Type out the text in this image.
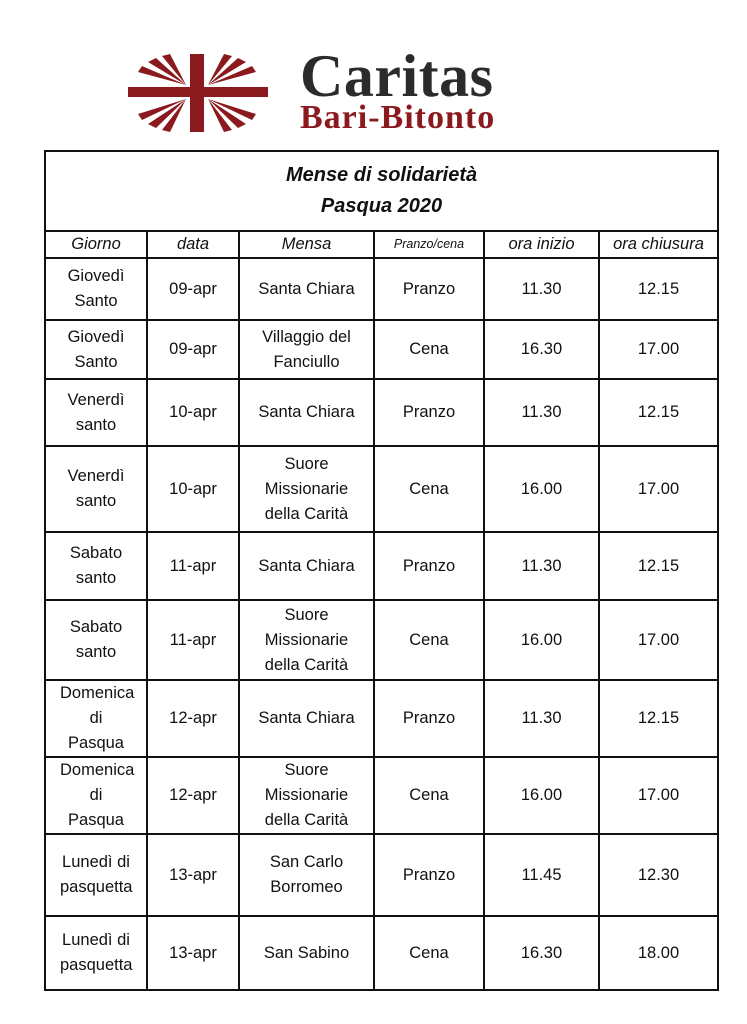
Caritas
Bari-Bitonto
Mense di solidarietà
Pasqua 2020					

Giorno	data	Mensa	Pranzo/cena	ora inizio	ora chiusura
Giovedì Santo	09-apr	Santa Chiara	Pranzo	11.30	12.15
Giovedì Santo	09-apr	Villaggio del Fanciullo	Cena	16.30	17.00
Venerdì santo	10-apr	Santa Chiara	Pranzo	11.30	12.15
Venerdì santo	10-apr	Suore Missionarie della Carità	Cena	16.00	17.00
Sabato santo	11-apr	Santa Chiara	Pranzo	11.30	12.15
Sabato santo	11-apr	Suore Missionarie della Carità	Cena	16.00	17.00
Domenica di Pasqua	12-apr	Santa Chiara	Pranzo	11.30	12.15
Domenica di Pasqua	12-apr	Suore Missionarie della Carità	Cena	16.00	17.00
Lunedì di pasquetta	13-apr	San Carlo Borromeo	Pranzo	11.45	12.30
Lunedì di pasquetta	13-apr	San Sabino	Cena	16.30	18.00
